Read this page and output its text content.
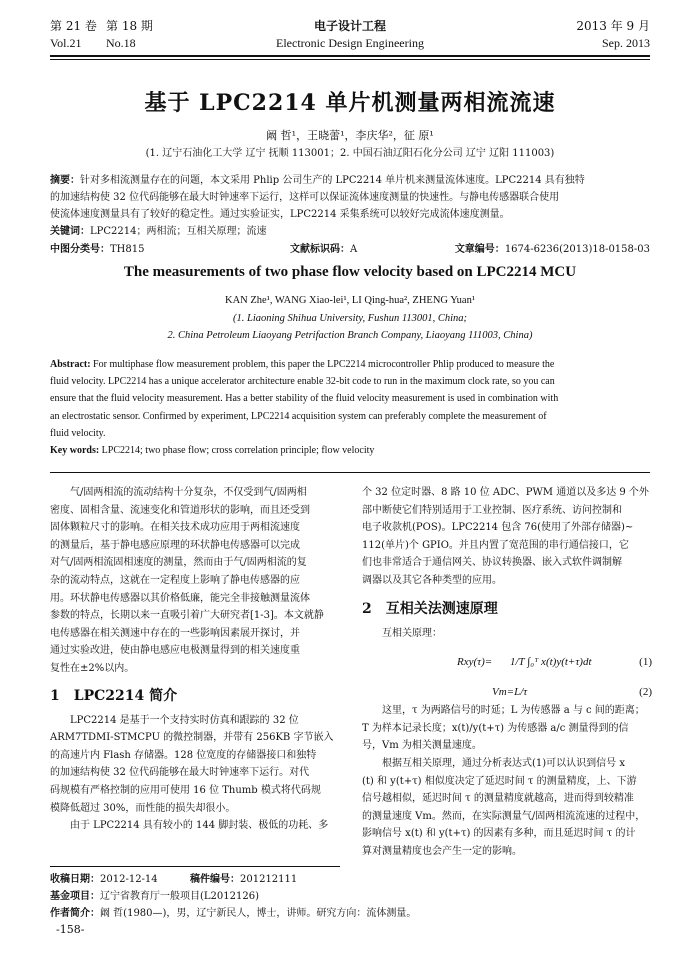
第 21 卷 第 18 期	电子设计工程	2013 年 9 月
Vol.21 No.18	Electronic Design Engineering	Sep. 2013
基于 LPC2214 单片机测量两相流流速
阚 哲¹，王晓蕾¹，李庆华²，征 原¹
(1. 辽宁石油化工大学 辽宁 抚顺 113001；2. 中国石油辽阳石化分公司 辽宁 辽阳 111003)
摘要：针对多相流测量存在的问题，本文采用 Phlip 公司生产的 LPC2214 单片机来测量流体速度。LPC2214 具有独特
的加速结构使 32 位代码能够在最大时钟速率下运行，这样可以保证流体速度测量的快速性。与静电传感器联合使用
使流体速度测量具有了较好的稳定性。通过实验证实，LPC2214 采集系统可以较好完成流体速度测量。
关键词：LPC2214；两相流；互相关原理；流速
中图分类号：TH815	文献标识码：A	文章编号：1674-6236(2013)18-0158-03
The measurements of two phase flow velocity based on LPC2214 MCU
KAN Zhe¹, WANG Xiao-lei¹, LI Qing-hua², ZHENG Yuan¹
(1. Liaoning Shihua University, Fushun 113001, China;
2. China Petroleum Liaoyang Petrifaction Branch Company, Liaoyang 111003, China)
Abstract: For multiphase flow measurement problem, this paper the LPC2214 microcontroller Phlip produced to measure the
fluid velocity. LPC2214 has a unique accelerator architecture enable 32-bit code to run in the maximum clock rate, so you can
ensure that the fluid velocity measurement. Has a better stability of the fluid velocity measurement is used in combination with
an electrostatic sensor. Confirmed by experiment, LPC2214 acquisition system can preferably complete the measurement of
fluid velocity.
Key words: LPC2214; two phase flow; cross correlation principle; flow velocity
气/固两相流的流动结构十分复杂，不仅受到气/固两相
密度、固相含量、流速变化和管道形状的影响，而且还受到
固体颗粒尺寸的影响。在相关技术成功应用于两相流速度
的测量后，基于静电感应原理的环状静电传感器可以完成
对气/固两相流固相速度的测量，然而由于气/固两相流的复
杂的流动特点，这就在一定程度上影响了静电传感器的应
用。环状静电传感器以其价格低廉，能完全非接触测量流体
参数的特点，长期以来一直吸引着广大研究者[1-3]。本文就静
电传感器在相关测速中存在的一些影响因素展开探讨，并
通过实验改进，使由静电感应电极测量得到的相关速度重
复性在±2%以内。
1　LPC2214 简介
LPC2214 是基于一个支持实时仿真和跟踪的 32 位
ARM7TDMI-STMCPU 的微控制器，并带有 256KB 字节嵌入
的高速片内 Flash 存储器。128 位宽度的存储器接口和独特
的加速结构使 32 位代码能够在最大时钟速率下运行。对代
码规模有严格控制的应用可使用 16 位 Thumb 模式将代码规
模降低超过 30%，而性能的损失却很小。
由于 LPC2214 具有较小的 144 脚封装、极低的功耗、多
个 32 位定时器、8 路 10 位 ADC、PWM 通道以及多达 9 个外
部中断使它们特别适用于工业控制、医疗系统、访问控制和
电子收款机(POS)。LPC2214 包含 76(使用了外部存储器)~
112(单片)个 GPIO。并且内置了宽范围的串行通信接口，它
们也非常适合于通信网关、协议转换器、嵌入式软件调制解
调器以及其它各种类型的应用。
2　互相关法测速原理
互相关原理：
Rxy(τ)= 1/T ∫₀ᵀ x(t)y(t+τ)dt	(1)
Vm=L/τ	(2)
这里，τ 为两路信号的时延；L 为传感器 a 与 c 间的距离；
T 为样本记录长度；x(t)/y(t+τ) 为传感器 a/c 测量得到的信
号，Vm 为相关测量速度。
根据互相关原理，通过分析表达式(1)可以认识到信号 x
(t) 和 y(t+τ) 相似度决定了延迟时间 τ 的测量精度，上、下游
信号越相似，延迟时间 τ 的测量精度就越高，进而得到较精准
的测量速度 Vm。然而，在实际测量气/固两相流流速的过程中，
影响信号 x(t) 和 y(t+τ) 的因素有多种，而且延迟时间 τ 的计
算对测量精度也会产生一定的影响。
收稿日期：2012-12-14	稿件编号：201212111
基金项目：辽宁省教育厅一般项目(L2012126)
作者简介：阚 哲(1980—)，男，辽宁新民人，博士，讲师。研究方向：流体测量。
-158-
